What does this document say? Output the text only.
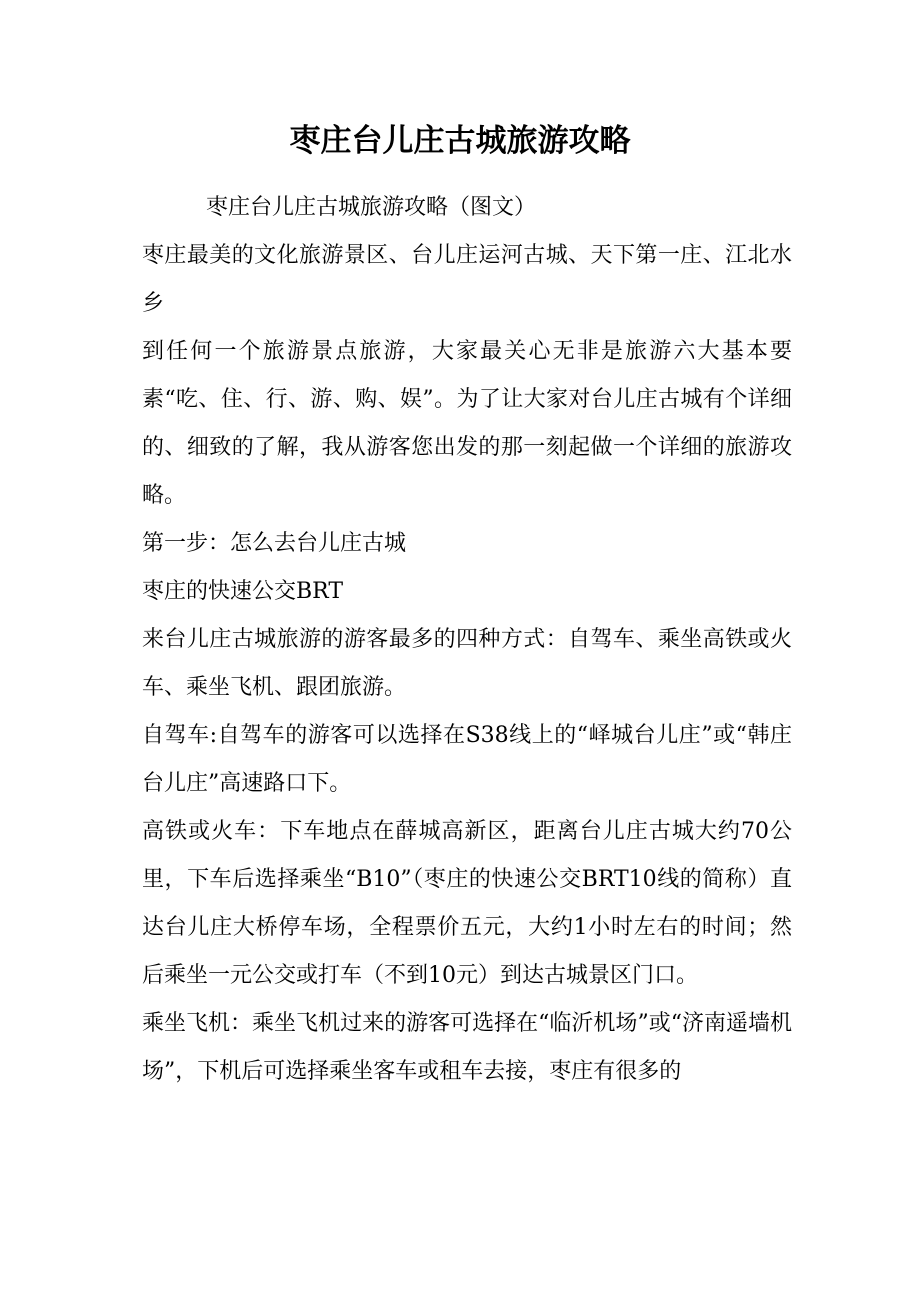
枣庄台儿庄古城旅游攻略

枣庄台儿庄古城旅游攻略（图文）

枣庄最美的文化旅游景区、台儿庄运河古城、天下第一庄、江北水乡

到任何一个旅游景点旅游，大家最关心无非是旅游六大基本要素“吃、住、行、游、购、娱”。为了让大家对台儿庄古城有个详细的、细致的了解，我从游客您出发的那一刻起做一个详细的旅游攻略。

第一步：怎么去台儿庄古城

枣庄的快速公交BRT

来台儿庄古城旅游的游客最多的四种方式：自驾车、乘坐高铁或火车、乘坐飞机、跟团旅游。

自驾车:自驾车的游客可以选择在S38线上的“峄城台儿庄”或“韩庄台儿庄”高速路口下。

高铁或火车：下车地点在薛城高新区，距离台儿庄古城大约70公里，下车后选择乘坐“B10”（枣庄的快速公交BRT10线的简称）直达台儿庄大桥停车场，全程票价五元，大约1小时左右的时间；然后乘坐一元公交或打车（不到10元）到达古城景区门口。

乘坐飞机：乘坐飞机过来的游客可选择在“临沂机场”或“济南遥墙机场”，下机后可选择乘坐客车或租车去接，枣庄有很多的
